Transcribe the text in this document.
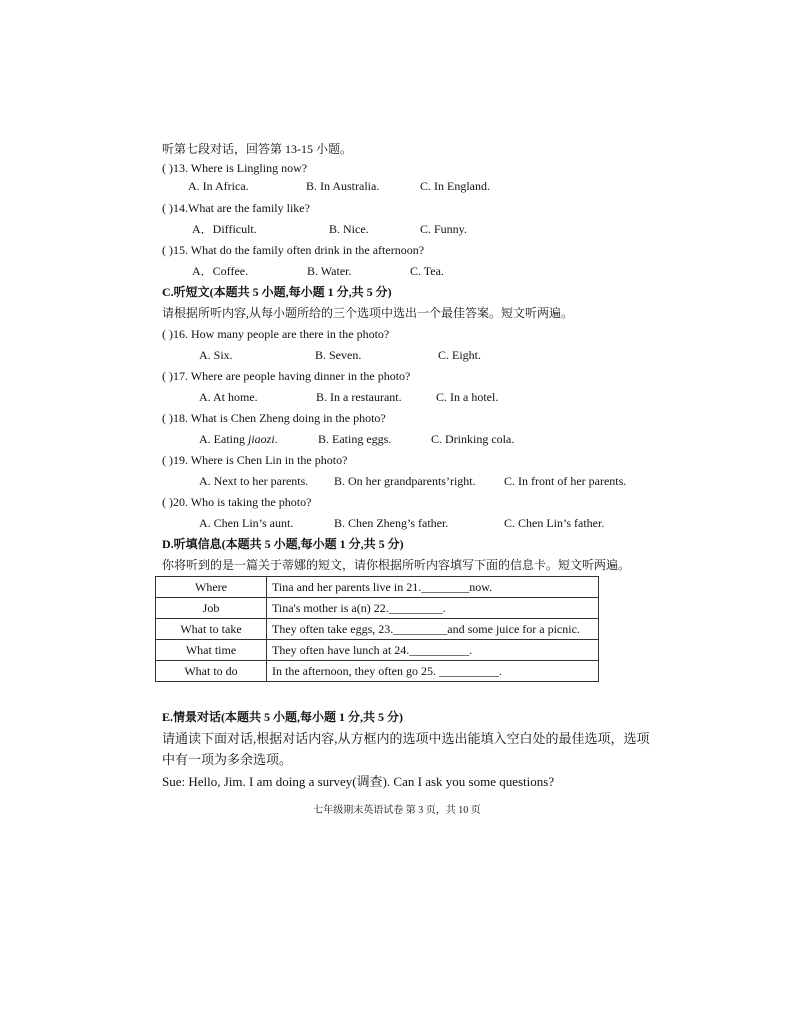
听第七段对话，回答第 13-15 小题。
( )13. Where is Lingling now?
A. In Africa.	B. In Australia.	C. In England.
( )14.What are the family like?
A．Difficult.	B. Nice.	C. Funny.
( )15. What do the family often drink in the afternoon?
A．Coffee.	B. Water.	C. Tea.
C.听短文(本题共 5 小题,每小题 1 分,共 5 分)
请根据所听内容,从每小题所给的三个选项中选出一个最佳答案。短文听两遍。
( )16. How many people are there in the photo?
A. Six.	B. Seven.	C. Eight.
( )17. Where are people having dinner in the photo?
A. At home.	B. In a restaurant.	C. In a hotel.
( )18. What is Chen Zheng doing in the photo?
A. Eating jiaozi.	B. Eating eggs.	C. Drinking cola.
( )19. Where is Chen Lin in the photo?
A. Next to her parents. B. On her grandparents’right. C. In front of her parents.
( )20. Who is taking the photo?
A. Chen Lin’s aunt.	B. Chen Zheng’s father.	C. Chen Lin’s father.
D.听填信息(本题共 5 小题,每小题 1 分,共 5 分)
你将听到的是一篇关于蒂娜的短文，请你根据所听内容填写下面的信息卡。短文听两遍。
Where	Tina and her parents live in 21.________now.
Job	Tina's mother is a(n) 22._________.
What to take	They often take eggs, 23._________and some juice for a picnic.
What time	They often have lunch at 24.__________.
What to do	In the afternoon, they often go 25. __________.
E.情景对话(本题共 5 小题,每小题 1 分,共 5 分)
请通读下面对话,根据对话内容,从方框内的选项中选出能填入空白处的最佳选项，选项
中有一项为多余选项。
Sue: Hello, Jim. I am doing a survey(调查). Can I ask you some questions?
七年级期末英语试卷 第 3 页，共 10 页
